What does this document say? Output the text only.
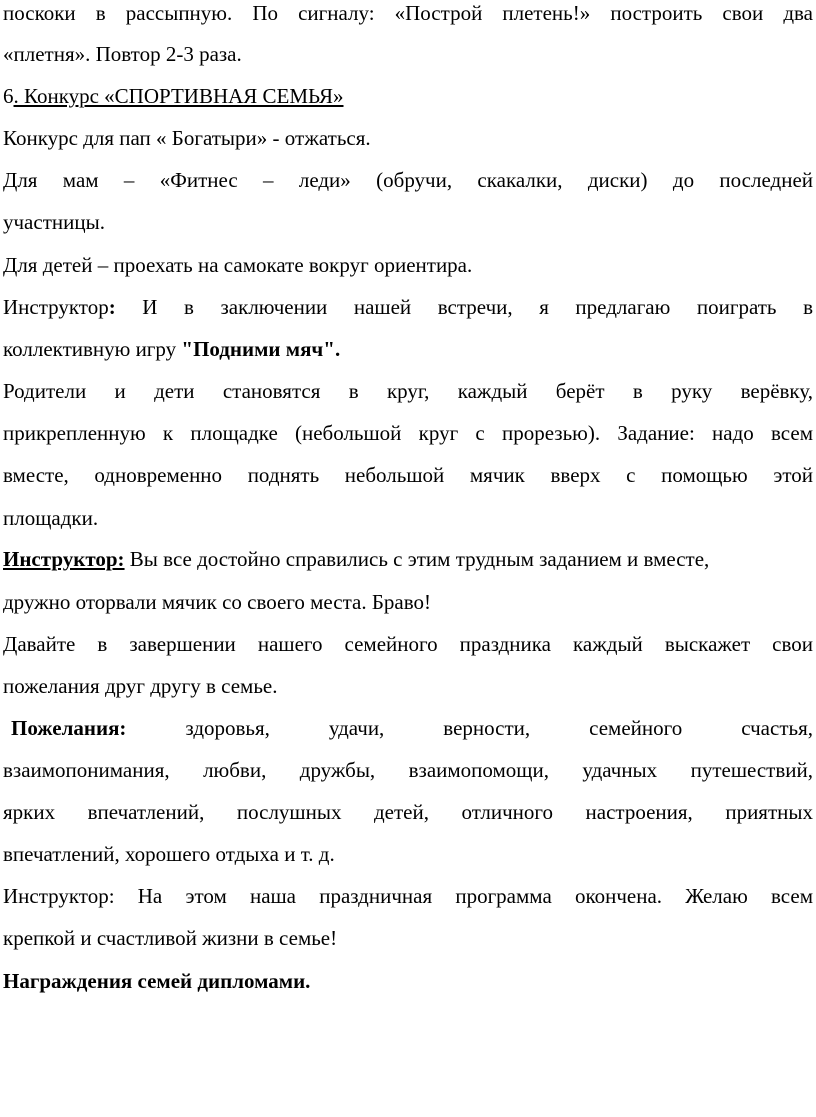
поскоки в рассыпную. По сигналу: «Построй плетень!» построить свои два
«плетня». Повтор 2-3 раза.
6. Конкурс «СПОРТИВНАЯ СЕМЬЯ»
Конкурс для пап « Богатыри» - отжаться.
Для мам – «Фитнес – леди» (обручи, скакалки, диски) до последней
участницы.
Для детей – проехать на самокате вокруг ориентира.
Инструктор: И в заключении нашей встречи, я предлагаю поиграть в
коллективную игру "Подними мяч".
Родители и дети становятся в круг, каждый берёт в руку верёвку,
прикрепленную к площадке (небольшой круг с прорезью). Задание: надо всем
вместе, одновременно поднять небольшой мячик вверх с помощью этой
площадки.
Инструктор: Вы все достойно справились с этим трудным заданием и вместе,
дружно оторвали мячик со своего места. Браво!
Давайте в завершении нашего семейного праздника каждый выскажет свои
пожелания друг другу в семье.
Пожелания: здоровья, удачи, верности, семейного счастья,
взаимопонимания, любви, дружбы, взаимопомощи, удачных путешествий,
ярких впечатлений, послушных детей, отличного настроения, приятных
впечатлений, хорошего отдыха и т. д.
Инструктор: На этом наша праздничная программа окончена. Желаю всем
крепкой и счастливой жизни в семье!
Награждения семей дипломами.
